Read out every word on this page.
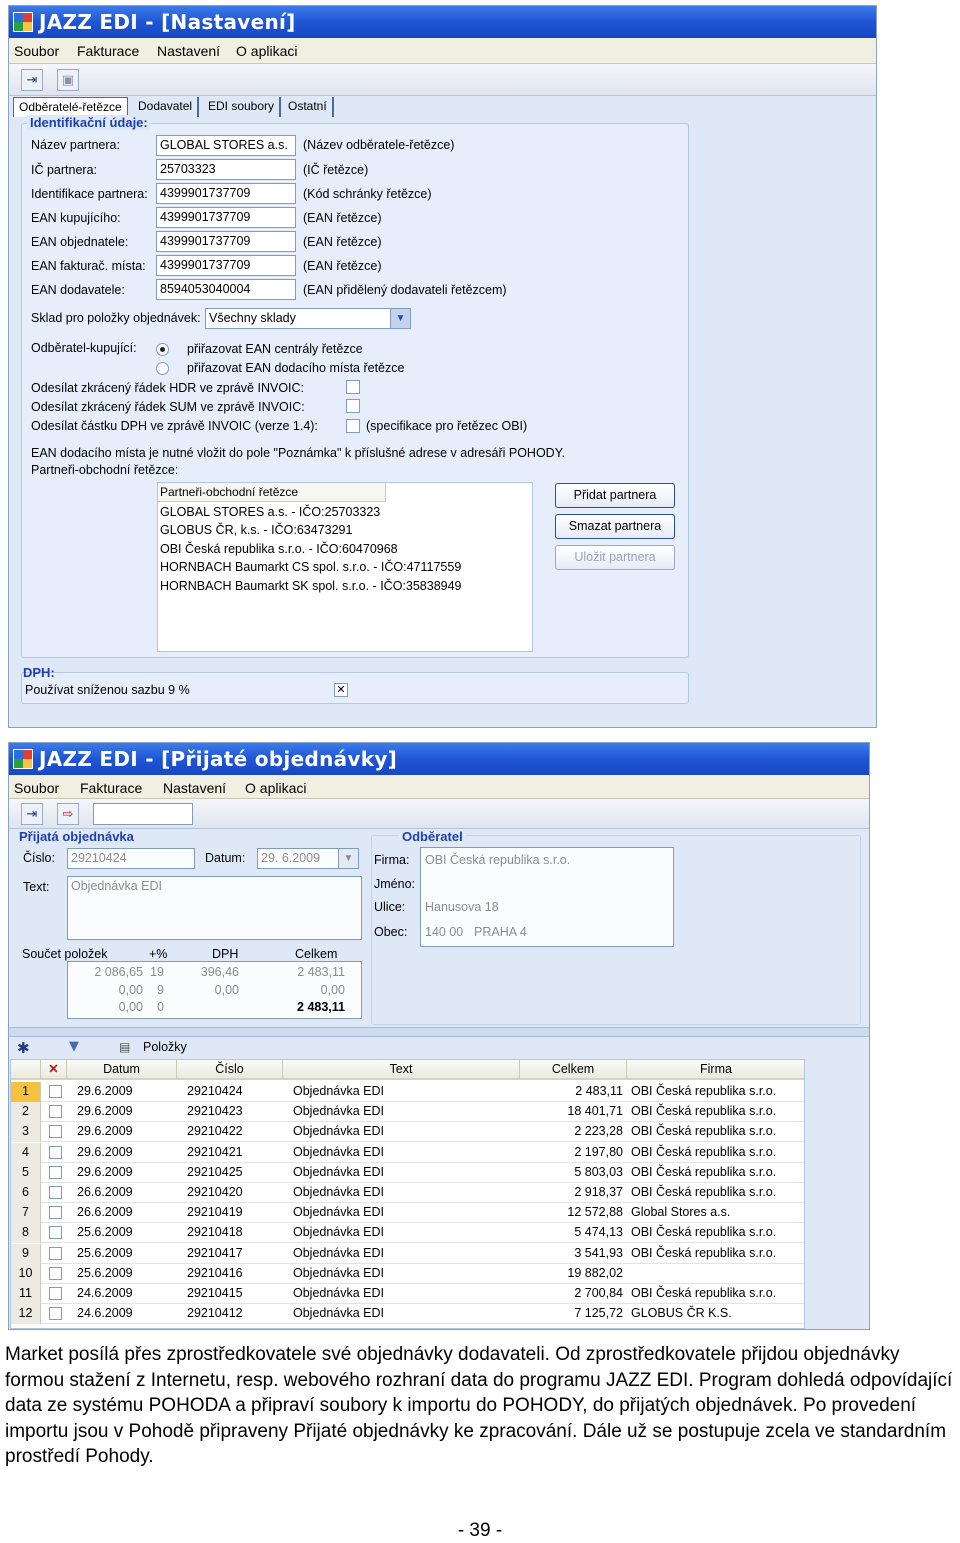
JAZZ EDI - [Nastavení]
Soubor Fakturace Nastavení O aplikaci
⇥	▣
Odběratelé-řetězce	Dodavatel	EDI soubory	Ostatní
Identifikační údaje:
Název partnera:	GLOBAL STORES a.s.	(Název odběratele-řetězce)
IČ partnera:	25703323	(IČ řetězce)
Identifikace partnera: 4399901737709	(Kód schránky řetězce)
EAN kupujícího:	4399901737709	(EAN řetězce)
EAN objednatele:	4399901737709	(EAN řetězce)
EAN fakturač. místa:	4399901737709	(EAN řetězce)
EAN dodavatele:	8594053040004	(EAN přidělený dodavateli řetězcem)
Sklad pro položky objednávek: Všechny sklady	▼
Odběratel-kupující:	přiřazovat EAN centrály řetězce
přiřazovat EAN dodacího místa řetězce
Odesílat zkrácený řádek HDR ve zprávě INVOIC:
Odesílat zkrácený řádek SUM ve zprávě INVOIC:
Odesílat částku DPH ve zprávě INVOIC (verze 1.4):	(specifikace pro řetězec OBI)
EAN dodacího místa je nutné vložit do pole "Poznámka" k příslušné adrese v adresáři POHODY.
Partneři-obchodní řetězce:
Partneři-obchodní řetězce
GLOBAL STORES a.s. - IČO:25703323
GLOBUS ČR, k.s. - IČO:63473291
OBI Česká republika s.r.o. - IČO:60470968
HORNBACH Baumarkt CS spol. s.r.o. - IČO:47117559
HORNBACH Baumarkt SK spol. s.r.o. - IČO:35838949
Přidat partnera
Smazat partnera
Uložit partnera
DPH:
Používat sníženou sazbu 9 %	✕
JAZZ EDI - [Přijaté objednávky]
Soubor Fakturace Nastavení O aplikaci
⇥	⇨
Přijatá objednávka
Číslo:	29210424	Datum:	29. 6.2009	▼
Text:	Objednávka EDI
Součet položek	+%	DPH	Celkem
2 086,65 19	396,46	2 483,11
0,00	9	0,00	0,00
0,00	0	2 483,11
Odběratel
Firma:
Jméno:
Ulice:
Obec:
OBI Česká republika s.r.o.
Hanusova 18
140 00 PRAHA 4
✱	▼	▤ Položky
✕	Datum	Číslo	Text	Celkem	Firma
1	29.6.2009	29210424	Objednávka EDI	2 483,11 OBI Česká republika s.r.o.
2	29.6.2009	29210423	Objednávka EDI	18 401,71 OBI Česká republika s.r.o.
3	29.6.2009	29210422	Objednávka EDI	2 223,28 OBI Česká republika s.r.o.
4	29.6.2009	29210421	Objednávka EDI	2 197,80 OBI Česká republika s.r.o.
5	29.6.2009	29210425	Objednávka EDI	5 803,03 OBI Česká republika s.r.o.
6	26.6.2009	29210420	Objednávka EDI	2 918,37 OBI Česká republika s.r.o.
7	26.6.2009	29210419	Objednávka EDI	12 572,88 Global Stores a.s.
8	25.6.2009	29210418	Objednávka EDI	5 474,13 OBI Česká republika s.r.o.
9	25.6.2009	29210417	Objednávka EDI	3 541,93 OBI Česká republika s.r.o.
10	25.6.2009	29210416	Objednávka EDI	19 882,02
11	24.6.2009	29210415	Objednávka EDI	2 700,84 OBI Česká republika s.r.o.
12	24.6.2009	29210412	Objednávka EDI	7 125,72 GLOBUS ČR K.S.
Market posílá přes zprostředkovatele své objednávky dodavateli. Od zprostředkovatele přijdou objednávky formou stažení z Internetu, resp. webového rozhraní data do programu JAZZ EDI. Program dohledá odpovídající data ze systému POHODA a připraví soubory k importu do POHODY, do přijatých objednávek. Po provedení importu jsou v Pohodě připraveny Přijaté objednávky ke zpracování. Dále už se postupuje zcela ve standardním prostředí Pohody.
- 39 -
